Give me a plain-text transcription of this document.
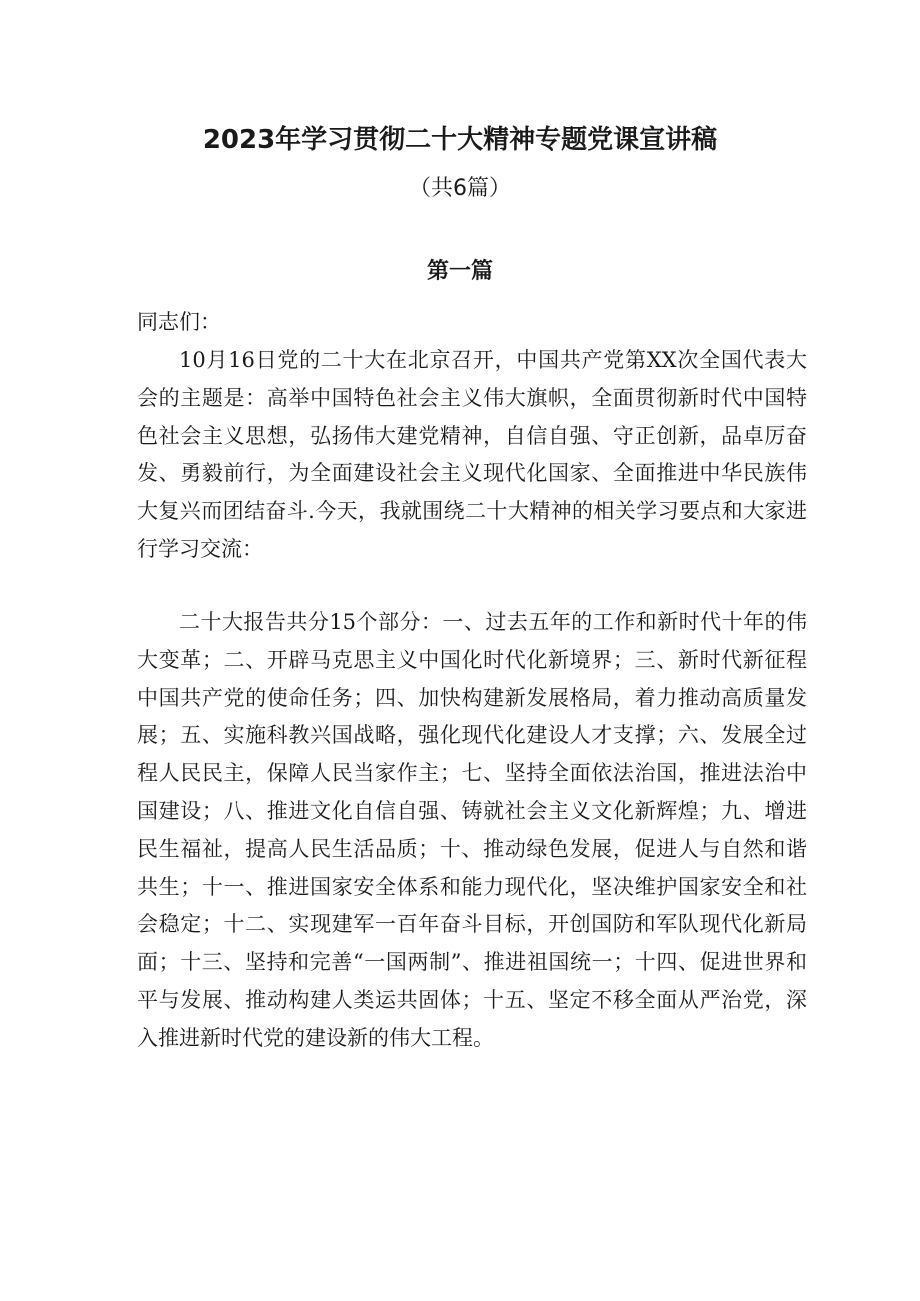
2023年学习贯彻二十大精神专题党课宣讲稿
（共6篇）
第一篇

同志们：

10月16日党的二十大在北京召开，中国共产党第XX次全国代表大会的主题是：高举中国特色社会主义伟大旗帜，全面贯彻新时代中国特色社会主义思想，弘扬伟大建党精神，自信自强、守正创新，品卓厉奋发、勇毅前行，为全面建设社会主义现代化国家、全面推进中华民族伟大复兴而团结奋斗.今天，我就围绕二十大精神的相关学习要点和大家进行学习交流：

二十大报告共分15个部分：一、过去五年的工作和新时代十年的伟大变革；二、开辟马克思主义中国化时代化新境界；三、新时代新征程中国共产党的使命任务；四、加快构建新发展格局，着力推动高质量发展；五、实施科教兴国战略，强化现代化建设人才支撑；六、发展全过程人民民主，保障人民当家作主；七、坚持全面依法治国，推进法治中国建设；八、推进文化自信自强、铸就社会主义文化新辉煌；九、增进民生福祉，提高人民生活品质；十、推动绿色发展，促进人与自然和谐共生；十一、推进国家安全体系和能力现代化，坚决维护国家安全和社会稳定；十二、实现建军一百年奋斗目标，开创国防和军队现代化新局面；十三、坚持和完善“一国两制”、推进祖国统一；十四、促进世界和平与发展、推动构建人类运共固体；十五、坚定不移全面从严治党，深入推进新时代党的建设新的伟大工程。
